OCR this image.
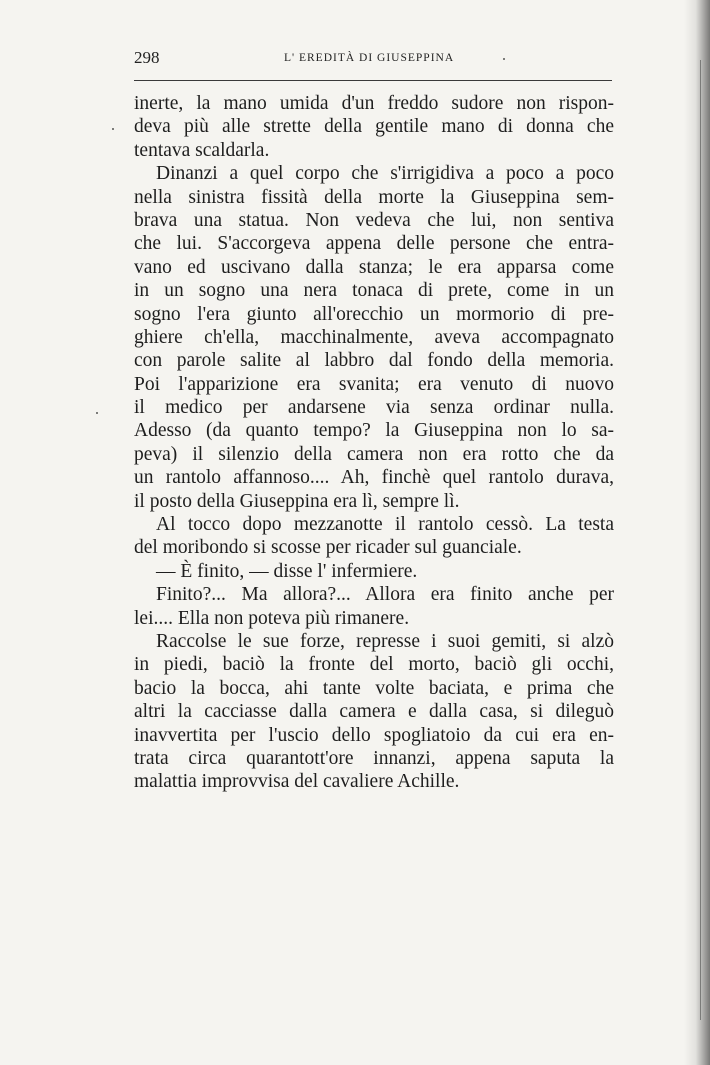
298	L' EREDITÀ DI GIUSEPPINA
inerte, la mano umida d'un freddo sudore non rispon-
deva più alle strette della gentile mano di donna che
tentava scaldarla.
Dinanzi a quel corpo che s'irrigidiva a poco a poco
nella sinistra fissità della morte la Giuseppina sem-
brava una statua. Non vedeva che lui, non sentiva
che lui. S'accorgeva appena delle persone che entra-
vano ed uscivano dalla stanza; le era apparsa come
in un sogno una nera tonaca di prete, come in un
sogno l'era giunto all'orecchio un mormorio di pre-
ghiere ch'ella, macchinalmente, aveva accompagnato
con parole salite al labbro dal fondo della memoria.
Poi l'apparizione era svanita; era venuto di nuovo
il medico per andarsene via senza ordinar nulla.
Adesso (da quanto tempo? la Giuseppina non lo sa-
peva) il silenzio della camera non era rotto che da
un rantolo affannoso.... Ah, finchè quel rantolo durava,
il posto della Giuseppina era lì, sempre lì.
Al tocco dopo mezzanotte il rantolo cessò. La testa
del moribondo si scosse per ricader sul guanciale.
— È finito, — disse l' infermiere.
Finito?... Ma allora?... Allora era finito anche per
lei.... Ella non poteva più rimanere.
Raccolse le sue forze, represse i suoi gemiti, si alzò
in piedi, baciò la fronte del morto, baciò gli occhi,
bacio la bocca, ahi tante volte baciata, e prima che
altri la cacciasse dalla camera e dalla casa, si dileguò
inavvertita per l'uscio dello spogliatoio da cui era en-
trata circa quarantott'ore innanzi, appena saputa la
malattia improvvisa del cavaliere Achille.
